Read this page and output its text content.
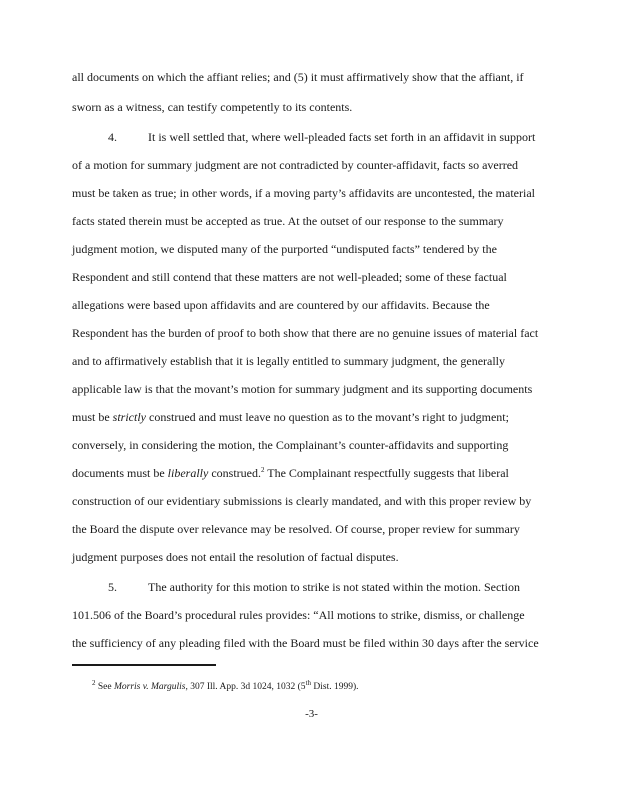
all documents on which the affiant relies; and (5) it must affirmatively show that the affiant, if
sworn as a witness, can testify competently to its contents.
4.	It is well settled that, where well-pleaded facts set forth in an affidavit in support
of a motion for summary judgment are not contradicted by counter-affidavit, facts so averred
must be taken as true; in other words, if a moving party’s affidavits are uncontested, the material
facts stated therein must be accepted as true. At the outset of our response to the summary
judgment motion, we disputed many of the purported “undisputed facts” tendered by the
Respondent and still contend that these matters are not well-pleaded; some of these factual
allegations were based upon affidavits and are countered by our affidavits. Because the
Respondent has the burden of proof to both show that there are no genuine issues of material fact
and to affirmatively establish that it is legally entitled to summary judgment, the generally
applicable law is that the movant’s motion for summary judgment and its supporting documents
must be strictly construed and must leave no question as to the movant’s right to judgment;
conversely, in considering the motion, the Complainant’s counter-affidavits and supporting
documents must be liberally construed.$^2$ The Complainant respectfully suggests that liberal
construction of our evidentiary submissions is clearly mandated, and with this proper review by
the Board the dispute over relevance may be resolved. Of course, proper review for summary
judgment purposes does not entail the resolution of factual disputes.
5.	The authority for this motion to strike is not stated within the motion. Section
101.506 of the Board’s procedural rules provides: “All motions to strike, dismiss, or challenge
the sufficiency of any pleading filed with the Board must be filed within 30 days after the service
$^2$ See Morris v. Margulis, 307 Ill. App. 3d 1024, 1032 (5th Dist. 1999).
-3-
